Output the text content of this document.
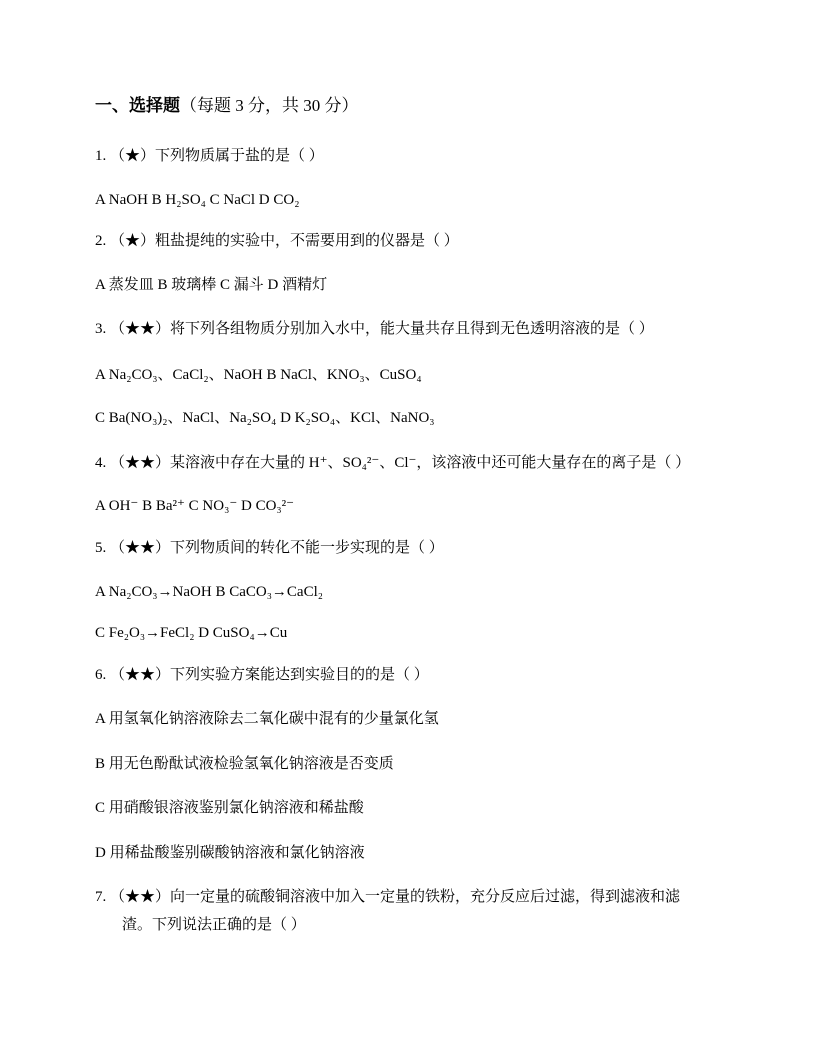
一、选择题（每题 3 分，共 30 分）
1. （★）下列物质属于盐的是（ ）
A NaOH B H₂SO₄ C NaCl D CO₂
2. （★）粗盐提纯的实验中，不需要用到的仪器是（ ）
A 蒸发皿 B 玻璃棒 C 漏斗 D 酒精灯
3. （★★）将下列各组物质分别加入水中，能大量共存且得到无色透明溶液的是（ ）
A Na₂CO₃、CaCl₂、NaOH B NaCl、KNO₃、CuSO₄
C Ba(NO₃)₂、NaCl、Na₂SO₄ D K₂SO₄、KCl、NaNO₃
4. （★★）某溶液中存在大量的 H⁺、SO₄²⁻、Cl⁻，该溶液中还可能大量存在的离子是（ ）
A OH⁻ B Ba²⁺ C NO₃⁻ D CO₃²⁻
5. （★★）下列物质间的转化不能一步实现的是（ ）
A Na₂CO₃→NaOH B CaCO₃→CaCl₂
C Fe₂O₃→FeCl₂ D CuSO₄→Cu
6. （★★）下列实验方案能达到实验目的的是（ ）
A 用氢氧化钠溶液除去二氧化碳中混有的少量氯化氢
B 用无色酚酞试液检验氢氧化钠溶液是否变质
C 用硝酸银溶液鉴别氯化钠溶液和稀盐酸
D 用稀盐酸鉴别碳酸钠溶液和氯化钠溶液
7. （★★）向一定量的硫酸铜溶液中加入一定量的铁粉，充分反应后过滤，得到滤液和滤
渣。下列说法正确的是（ ）
